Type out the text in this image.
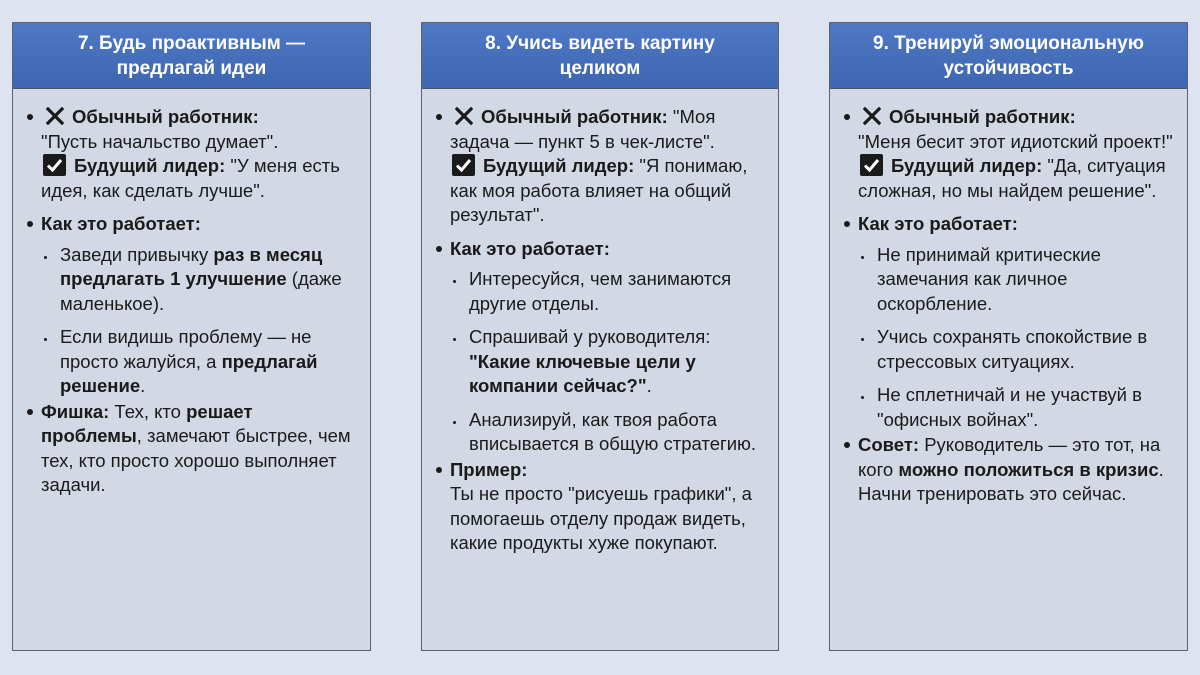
7. Будь проактивным —
предлагай идеи
Обычный работник:
"Пусть начальство думает".

Будущий лидер: "У меня есть идея, как сделать лучше".
Как это работает:
Заведи привычку раз в месяц предлагать 1 улучшение (даже маленькое).
Если видишь проблему — не просто жалуйся, а предлагай решение.
Фишка: Тех, кто решает проблемы, замечают быстрее, чем тех, кто просто хорошо выполняет задачи.
8. Учись видеть картину
целиком
Обычный работник: "Моя задача — пункт 5 в чек-листе".

Будущий лидер: "Я понимаю, как моя работа влияет на общий результат".
Как это работает:
Интересуйся, чем занимаются другие отделы.
Спрашивай у руководителя: "Какие ключевые цели у компании сейчас?".
Анализируй, как твоя работа вписывается в общую стратегию.
Пример:
Ты не просто "рисуешь графики", а помогаешь отделу продаж видеть, какие продукты хуже покупают.
9. Тренируй эмоциональную
устойчивость
Обычный работник:
"Меня бесит этот идиотский проект!"

Будущий лидер: "Да, ситуация сложная, но мы найдем решение".
Как это работает:
Не принимай критические замечания как личное оскорбление.
Учись сохранять спокойствие в стрессовых ситуациях.
Не сплетничай и не участвуй в "офисных войнах".
Совет: Руководитель — это тот, на кого можно положиться в кризис. Начни тренировать это сейчас.
